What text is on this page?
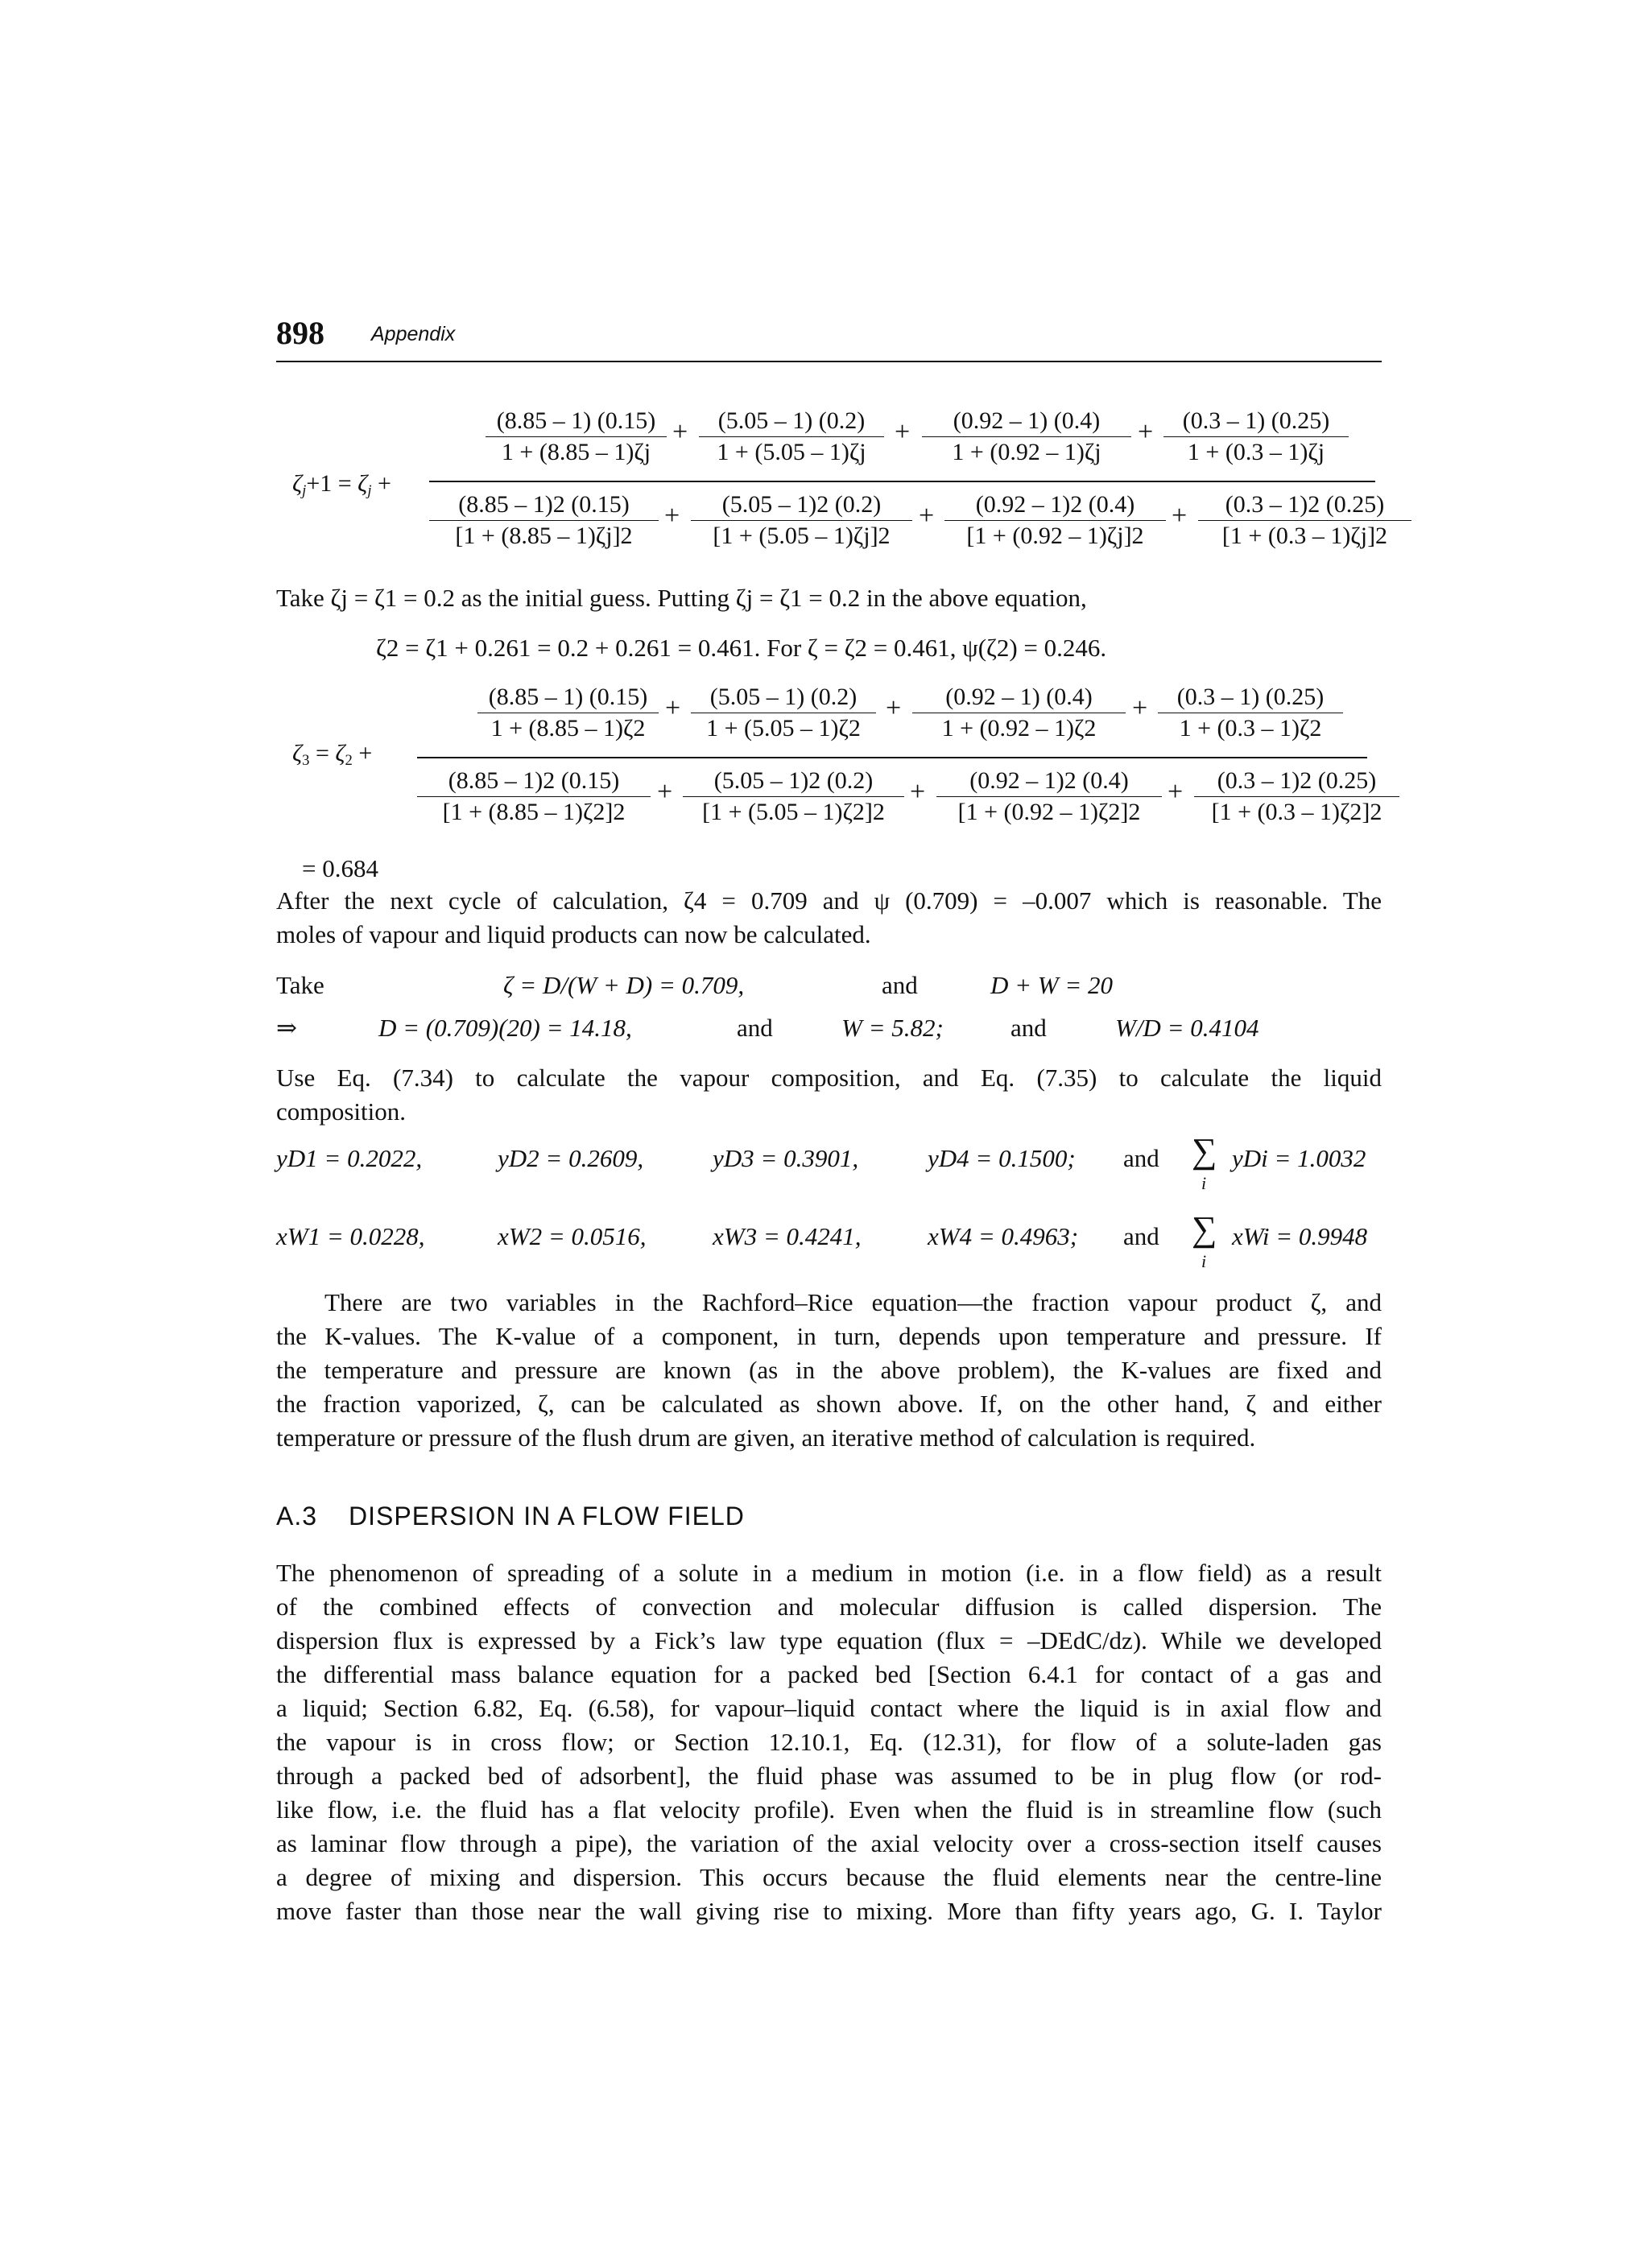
898 Appendix
$\zeta_j+1 = \zeta_j$ +
$\frac{(8.85 - 1) (0.15)}{1 + (8.85 - 1)\zeta j} + \frac{(5.05 - 1) (0.2)}{1 + (5.05 - 1)\zeta j} + \frac{(0.92 - 1) (0.4)}{1 + (0.92 - 1)\zeta j} + \frac{(0.3 - 1) (0.25)}{1 + (0.3 - 1)\zeta j}$
$\frac{(8.85 - 1)2 (0.15)}{[1 + (8.85 - 1)\zeta j]2} + \frac{(5.05 - 1)2 (0.2)}{[1 + (5.05 - 1)\zeta j]2} + \frac{(0.92 - 1)2 (0.4)}{[1 + (0.92 - 1)\zeta j]2} + \frac{(0.3 - 1)2 (0.25)}{[1 + (0.3 - 1)\zeta j]2}$
Take ζj = ζ1 = 0.2 as the initial guess. Putting ζj = ζ1 = 0.2 in the above equation,
ζ2 = ζ1 + 0.261 = 0.2 + 0.261 = 0.461. For ζ = ζ2 = 0.461, ψ(ζ2) = 0.246.
$\zeta_3 = \zeta_2$ +
$\frac{(8.85 - 1) (0.15)}{1 + (8.85 - 1)\zeta 2} + \frac{(5.05 - 1) (0.2)}{1 + (5.05 - 1)\zeta 2} + \frac{(0.92 - 1) (0.4)}{1 + (0.92 - 1)\zeta 2} + \frac{(0.3 - 1) (0.25)}{1 + (0.3 - 1)\zeta 2}$
$\frac{(8.85 - 1)2 (0.15)}{[1 + (8.85 - 1)\zeta 2]2} + \frac{(5.05 - 1)2 (0.2)}{[1 + (5.05 - 1)\zeta 2]2} + \frac{(0.92 - 1)2 (0.4)}{[1 + (0.92 - 1)\zeta 2]2} + \frac{(0.3 - 1)2 (0.25)}{[1 + (0.3 - 1)\zeta 2]2}$
= 0.684
After the next cycle of calculation, ζ4 = 0.709 and ψ (0.709) = –0.007 which is reasonable. The
moles of vapour and liquid products can now be calculated.
Take	ζ = D/(W + D) = 0.709,	and	D + W = 20
⇒	D = (0.709)(20) = 14.18,	and	W = 5.82;	and	W/D = 0.4104
Use Eq. (7.34) to calculate the vapour composition, and Eq. (7.35) to calculate the liquid
composition.
yD1 = 0.2022,	yD2 = 0.2609,	yD3 = 0.3901,	yD4 = 0.1500; and ∑
i
yDi = 1.0032
xW1 = 0.0228,	xW2 = 0.0516,	xW3 = 0.4241,	xW4 = 0.4963; and ∑
i
xWi = 0.9948
There are two variables in the Rachford–Rice equation—the fraction vapour product ζ, and
the K-values. The K-value of a component, in turn, depends upon temperature and pressure. If
the temperature and pressure are known (as in the above problem), the K-values are fixed and
the fraction vaporized, ζ, can be calculated as shown above. If, on the other hand, ζ and either
temperature or pressure of the flush drum are given, an iterative method of calculation is required.
A.3 DISPERSION IN A FLOW FIELD
The phenomenon of spreading of a solute in a medium in motion (i.e. in a flow field) as a result
of the combined effects of convection and molecular diffusion is called dispersion. The
dispersion flux is expressed by a Fick’s law type equation (flux = –DEdC/dz). While we developed
the differential mass balance equation for a packed bed [Section 6.4.1 for contact of a gas and
a liquid; Section 6.82, Eq. (6.58), for vapour–liquid contact where the liquid is in axial flow and
the vapour is in cross flow; or Section 12.10.1, Eq. (12.31), for flow of a solute-laden gas
through a packed bed of adsorbent], the fluid phase was assumed to be in plug flow (or rod-
like flow, i.e. the fluid has a flat velocity profile). Even when the fluid is in streamline flow (such
as laminar flow through a pipe), the variation of the axial velocity over a cross-section itself causes
a degree of mixing and dispersion. This occurs because the fluid elements near the centre-line
move faster than those near the wall giving rise to mixing. More than fifty years ago, G. I. Taylor
